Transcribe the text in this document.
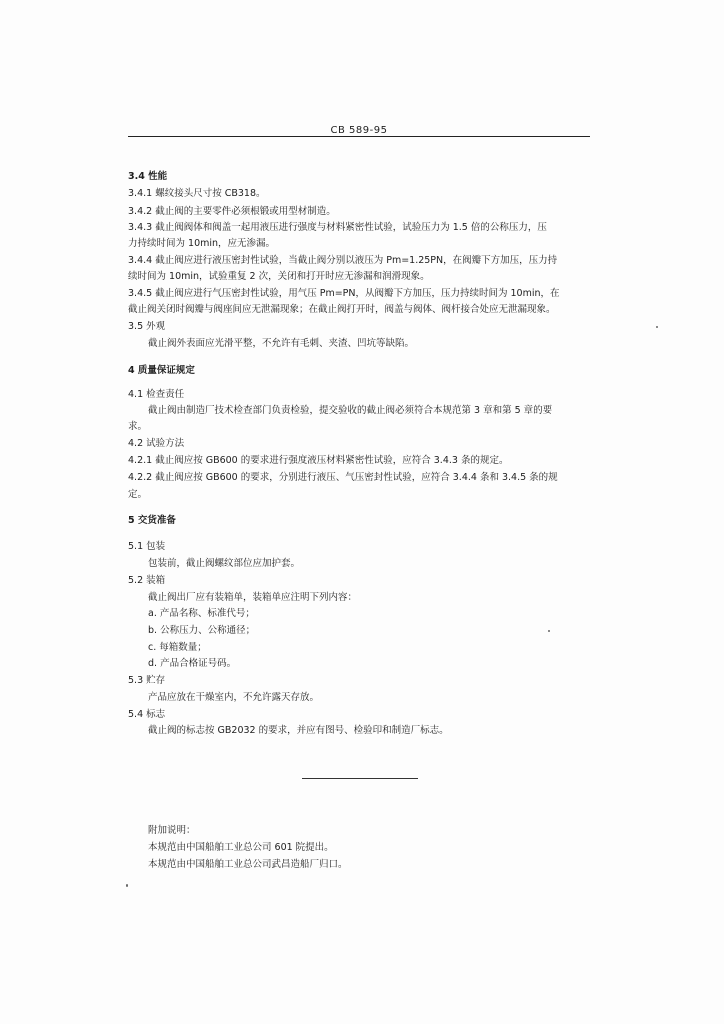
CB 589-95
3.4 性能
3.4.1 螺纹接头尺寸按 CB318。
3.4.2 截止阀的主要零件必须根锻或用型材制造。
3.4.3 截止阀阀体和阀盖一起用液压进行强度与材料紧密性试验，试验压力为 1.5 倍的公称压力，压
力持续时间为 10min，应无渗漏。
3.4.4 截止阀应进行液压密封性试验，当截止阀分别以液压为 Pm=1.25PN，在阀瓣下方加压，压力持
续时间为 10min，试验重复 2 次，关闭和打开时应无渗漏和润滑现象。
3.4.5 截止阀应进行气压密封性试验，用气压 Pm=PN，从阀瓣下方加压，压力持续时间为 10min，在
截止阀关闭时阀瓣与阀座间应无泄漏现象；在截止阀打开时，阀盖与阀体、阀杆接合处应无泄漏现象。
3.5 外观
截止阀外表面应光滑平整，不允许有毛刺、夹渣、凹坑等缺陷。
4 质量保证规定
4.1 检查责任
截止阀由制造厂技术检查部门负责检验，提交验收的截止阀必须符合本规范第 3 章和第 5 章的要
求。
4.2 试验方法
4.2.1 截止阀应按 GB600 的要求进行强度液压材料紧密性试验，应符合 3.4.3 条的规定。
4.2.2 截止阀应按 GB600 的要求，分别进行液压、气压密封性试验，应符合 3.4.4 条和 3.4.5 条的规
定。
5 交货准备
5.1 包装
包装前，截止阀螺纹部位应加护套。
5.2 装箱
截止阀出厂应有装箱单，装箱单应注明下列内容：
a. 产品名称、标准代号；
b. 公称压力、公称通径；
c. 每箱数量；
d. 产品合格证号码。
5.3 贮存
产品应放在干燥室内，不允许露天存放。
5.4 标志
截止阀的标志按 GB2032 的要求，并应有图号、检验印和制造厂标志。
附加说明：
本规范由中国船舶工业总公司 601 院提出。
本规范由中国船舶工业总公司武昌造船厂归口。
